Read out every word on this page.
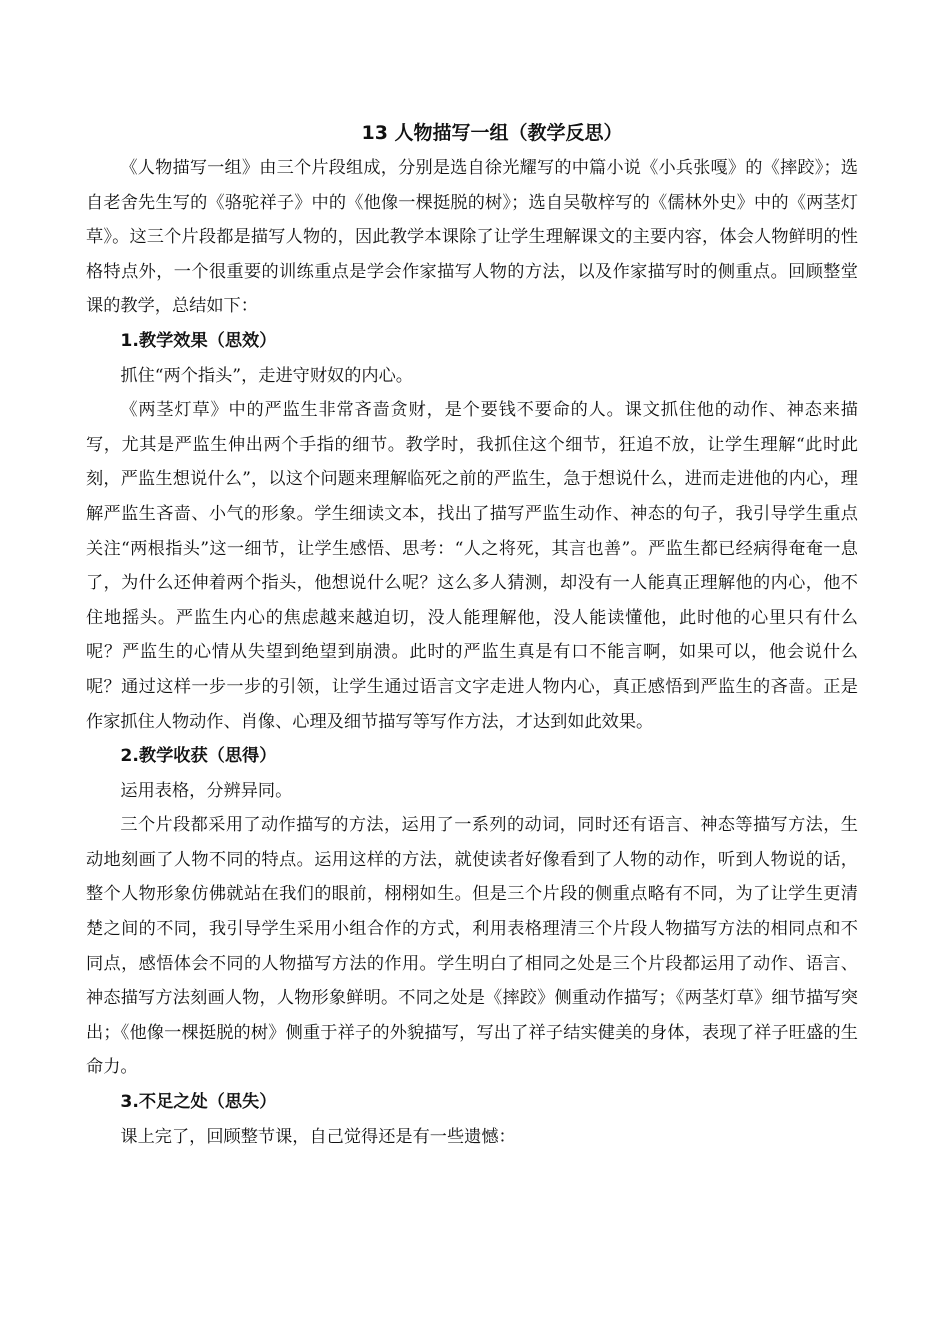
13 人物描写一组（教学反思）

《人物描写一组》由三个片段组成，分别是选自徐光耀写的中篇小说《小兵张嘎》的《摔跤》；选自老舍先生写的《骆驼祥子》中的《他像一棵挺脱的树》；选自吴敬梓写的《儒林外史》中的《两茎灯草》。这三个片段都是描写人物的，因此教学本课除了让学生理解课文的主要内容，体会人物鲜明的性格特点外，一个很重要的训练重点是学会作家描写人物的方法，以及作家描写时的侧重点。回顾整堂课的教学，总结如下：

1.教学效果（思效）

抓住“两个指头”，走进守财奴的内心。

《两茎灯草》中的严监生非常吝啬贪财，是个要钱不要命的人。课文抓住他的动作、神态来描写，尤其是严监生伸出两个手指的细节。教学时，我抓住这个细节，狂追不放，让学生理解“此时此刻，严监生想说什么”，以这个问题来理解临死之前的严监生，急于想说什么，进而走进他的内心，理解严监生吝啬、小气的形象。学生细读文本，找出了描写严监生动作、神态的句子，我引导学生重点关注“两根指头”这一细节，让学生感悟、思考：“人之将死，其言也善”。严监生都已经病得奄奄一息了，为什么还伸着两个指头，他想说什么呢？这么多人猜测，却没有一人能真正理解他的内心，他不住地摇头。严监生内心的焦虑越来越迫切，没人能理解他，没人能读懂他，此时他的心里只有什么呢？严监生的心情从失望到绝望到崩溃。此时的严监生真是有口不能言啊，如果可以，他会说什么呢？通过这样一步一步的引领，让学生通过语言文字走进人物内心，真正感悟到严监生的吝啬。正是作家抓住人物动作、肖像、心理及细节描写等写作方法，才达到如此效果。

2.教学收获（思得）

运用表格，分辨异同。

三个片段都采用了动作描写的方法，运用了一系列的动词，同时还有语言、神态等描写方法，生动地刻画了人物不同的特点。运用这样的方法，就使读者好像看到了人物的动作，听到人物说的话，整个人物形象仿佛就站在我们的眼前，栩栩如生。但是三个片段的侧重点略有不同，为了让学生更清楚之间的不同，我引导学生采用小组合作的方式，利用表格理清三个片段人物描写方法的相同点和不同点，感悟体会不同的人物描写方法的作用。学生明白了相同之处是三个片段都运用了动作、语言、神态描写方法刻画人物，人物形象鲜明。不同之处是《摔跤》侧重动作描写；《两茎灯草》细节描写突出；《他像一棵挺脱的树》侧重于祥子的外貌描写，写出了祥子结实健美的身体，表现了祥子旺盛的生命力。

3.不足之处（思失）

课上完了，回顾整节课，自己觉得还是有一些遗憾：
